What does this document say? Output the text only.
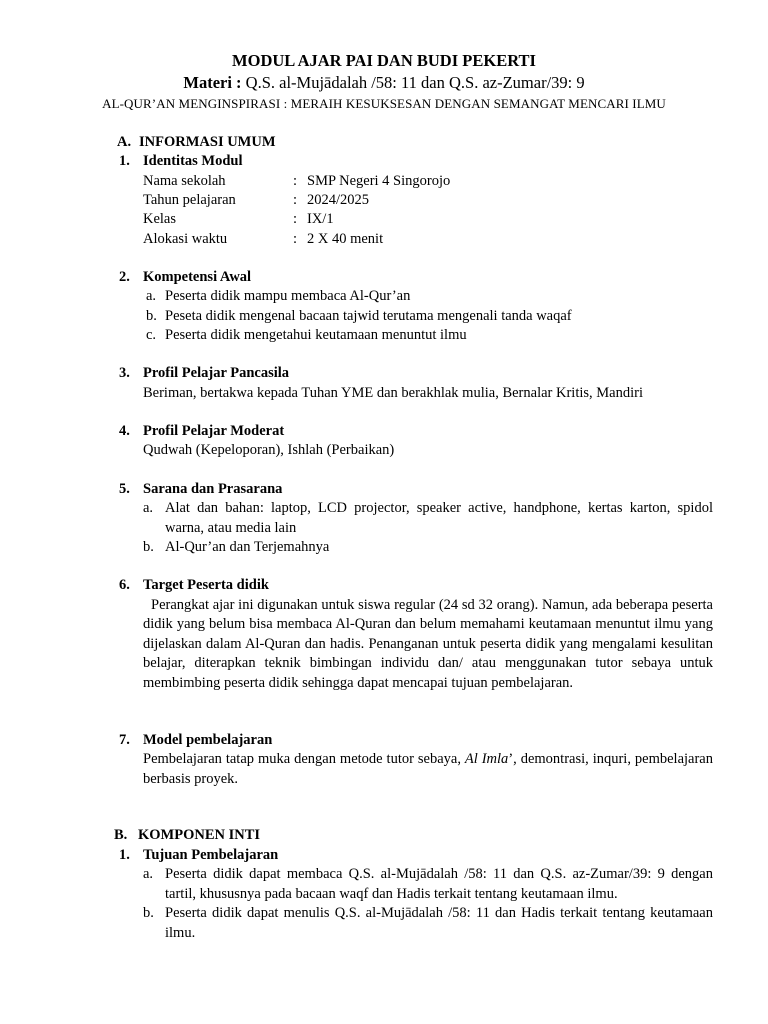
MODUL AJAR PAI DAN BUDI PEKERTI
Materi : Q.S. al-Mujādalah /58: 11 dan Q.S. az-Zumar/39: 9
AL-QUR’AN MENGINSPIRASI : MERAIH KESUKSESAN DENGAN SEMANGAT MENCARI ILMU
A. INFORMASI UMUM
1. Identitas Modul
Nama sekolah	: SMP Negeri 4 Singorojo
Tahun pelajaran	: 2024/2025
Kelas	: IX/1
Alokasi waktu	: 2 X 40 menit
2. Kompetensi Awal
a. Peserta didik mampu membaca Al-Qur’an
b. Peseta didik mengenal bacaan tajwid terutama mengenali tanda waqaf
c. Peserta didik mengetahui keutamaan menuntut ilmu
3. Profil Pelajar Pancasila
Beriman, bertakwa kepada Tuhan YME dan berakhlak mulia, Bernalar Kritis, Mandiri
4. Profil Pelajar Moderat
Qudwah (Kepeloporan), Ishlah (Perbaikan)
5. Sarana dan Prasarana
a. Alat dan bahan: laptop, LCD projector, speaker active, handphone, kertas karton, spidol warna, atau media lain
b. Al-Qur’an dan Terjemahnya
6. Target Peserta didik
Perangkat ajar ini digunakan untuk siswa regular (24 sd 32 orang). Namun, ada beberapa peserta didik yang belum bisa membaca Al-Quran dan belum memahami keutamaan menuntut ilmu yang dijelaskan dalam Al-Quran dan hadis. Penanganan untuk peserta didik yang mengalami kesulitan belajar, diterapkan teknik bimbingan individu dan/ atau menggunakan tutor sebaya untuk membimbing peserta didik sehingga dapat mencapai tujuan pembelajaran.
7. Model pembelajaran
Pembelajaran tatap muka dengan metode tutor sebaya, Al Imla’, demontrasi, inquri, pembelajaran berbasis proyek.
B. KOMPONEN INTI
1. Tujuan Pembelajaran
a. Peserta didik dapat membaca Q.S. al-Mujādalah /58: 11 dan Q.S. az-Zumar/39: 9 dengan tartil, khususnya pada bacaan waqf dan Hadis terkait tentang keutamaan ilmu.
b. Peserta didik dapat menulis Q.S. al-Mujādalah /58: 11 dan Hadis terkait tentang keutamaan ilmu.
